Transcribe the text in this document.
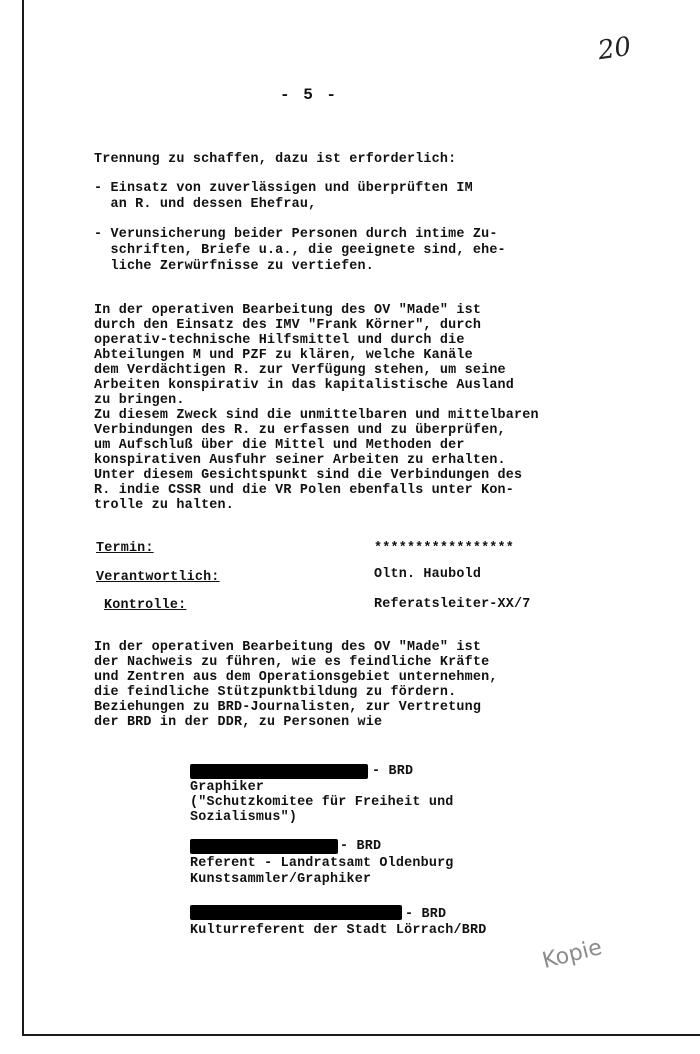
20
- 5 -
Trennung zu schaffen, dazu ist erforderlich:
- Einsatz von zuverlässigen und überprüften IM
an R. und dessen Ehefrau,
- Verunsicherung beider Personen durch intime Zu-
schriften, Briefe u.a., die geeignete sind, ehe-
liche Zerwürfnisse zu vertiefen.
In der operativen Bearbeitung des OV "Made" ist
durch den Einsatz des IMV "Frank Körner", durch
operativ-technische Hilfsmittel und durch die
Abteilungen M und PZF zu klären, welche Kanäle
dem Verdächtigen R. zur Verfügung stehen, um seine
Arbeiten konspirativ in das kapitalistische Ausland
zu bringen.
Zu diesem Zweck sind die unmittelbaren und mittelbaren
Verbindungen des R. zu erfassen und zu überprüfen,
um Aufschluß über die Mittel und Methoden der
konspirativen Ausfuhr seiner Arbeiten zu erhalten.
Unter diesem Gesichtspunkt sind die Verbindungen des
R. indie CSSR und die VR Polen ebenfalls unter Kon-
trolle zu halten.
Termin:	*****************
Verantwortlich:	Oltn. Haubold
Kontrolle:	Referatsleiter-XX/7
In der operativen Bearbeitung des OV "Made" ist
der Nachweis zu führen, wie es feindliche Kräfte
und Zentren aus dem Operationsgebiet unternehmen,
die feindliche Stützpunktbildung zu fördern.
Beziehungen zu BRD-Journalisten, zur Vertretung
der BRD in der DDR, zu Personen wie
- BRD
Graphiker
("Schutzkomitee für Freiheit und
Sozialismus")
- BRD
Referent - Landratsamt Oldenburg
Kunstsammler/Graphiker
- BRD
Kulturreferent der Stadt Lörrach/BRD
Kopie
